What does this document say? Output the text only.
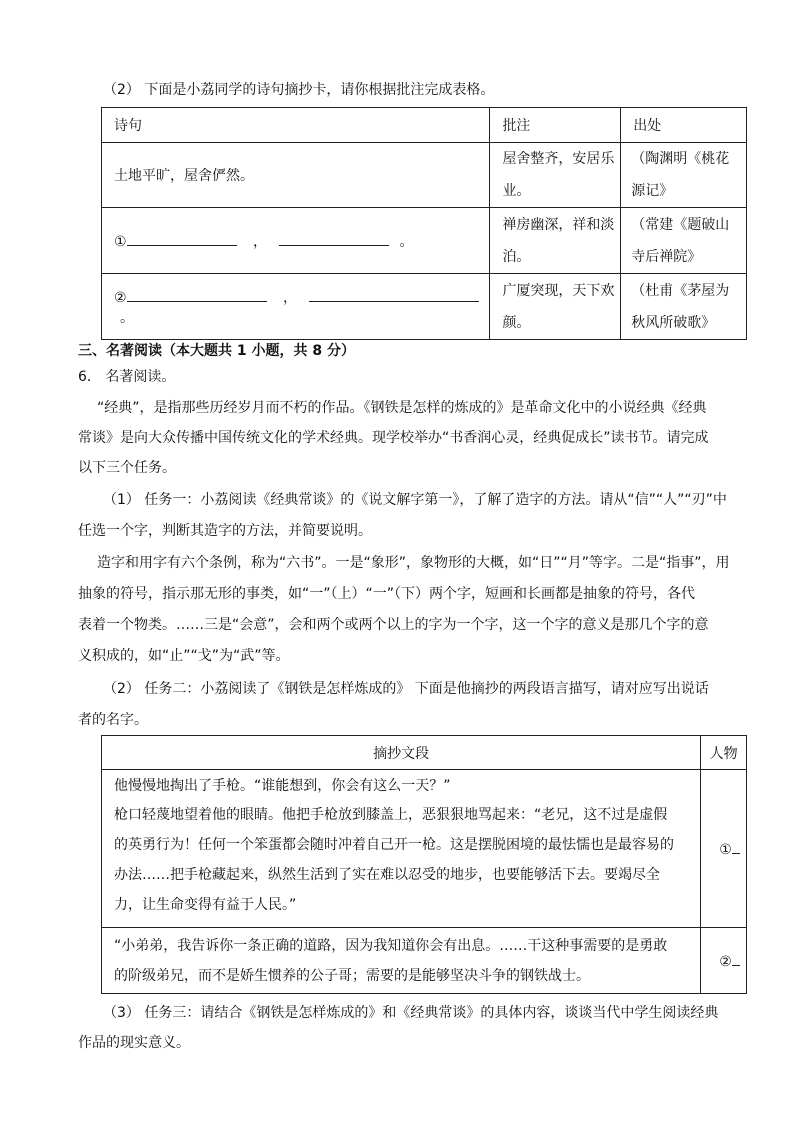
（2） 下面是小荔同学的诗句摘抄卡，请你根据批注完成表格。
诗句	批注	出处
土地平旷，屋舍俨然。	屋舍整齐，安居乐业。	（陶渊明《桃花源记》

① ， 。	禅房幽深，祥和淡泊。	（常建《题破山寺后禅院》

② ， 。	广厦突现，天下欢颜。	（杜甫《茅屋为秋风所破歌》
三、名著阅读（本大题共 1 小题，共 8 分）
6． 名著阅读。
“经典”，是指那些历经岁月而不朽的作品。《钢铁是怎样的炼成的》是革命文化中的小说经典《经典
常谈》是向大众传播中国传统文化的学术经典。现学校举办“书香润心灵，经典促成长”读书节。请完成
以下三个任务。
（1） 任务一：小荔阅读《经典常谈》的《说文解字第一》，了解了造字的方法。请从“信”“人”“刃”中
任选一个字，判断其造字的方法，并简要说明。
造字和用字有六个条例，称为“六书”。一是“象形”，象物形的大概，如“日”“月”等字。二是“指事”，用
抽象的符号，指示那无形的事类，如“一”（上）“一”（下）两个字，短画和长画都是抽象的符号，各代
表着一个物类。……三是“会意”，会和两个或两个以上的字为一个字，这一个字的意义是那几个字的意
义积成的，如“止”“戈”为“武”等。
（2） 任务二：小荔阅读了《钢铁是怎样炼成的》 下面是他摘抄的两段语言描写，请对应写出说话
者的名字。
摘抄文段	人物

他慢慢地掏出了手枪。“谁能想到，你会有这么一天？”
枪口轻蔑地望着他的眼睛。他把手枪放到膝盖上，恶狠狠地骂起来：“老兄，这不过是虚假
的英勇行为！任何一个笨蛋都会随时冲着自己开一枪。这是摆脱困境的最怯懦也是最容易的
办法……把手枪藏起来，纵然生活到了实在难以忍受的地步，也要能够活下去。要竭尽全
力，让生命变得有益于人民。”	①

“小弟弟，我告诉你一条正确的道路，因为我知道你会有出息。……干这种事需要的是勇敢
的阶级弟兄，而不是娇生惯养的公子哥；需要的是能够坚决斗争的钢铁战士。	②
（3） 任务三：请结合《钢铁是怎样炼成的》和《经典常谈》的具体内容，谈谈当代中学生阅读经典
作品的现实意义。
